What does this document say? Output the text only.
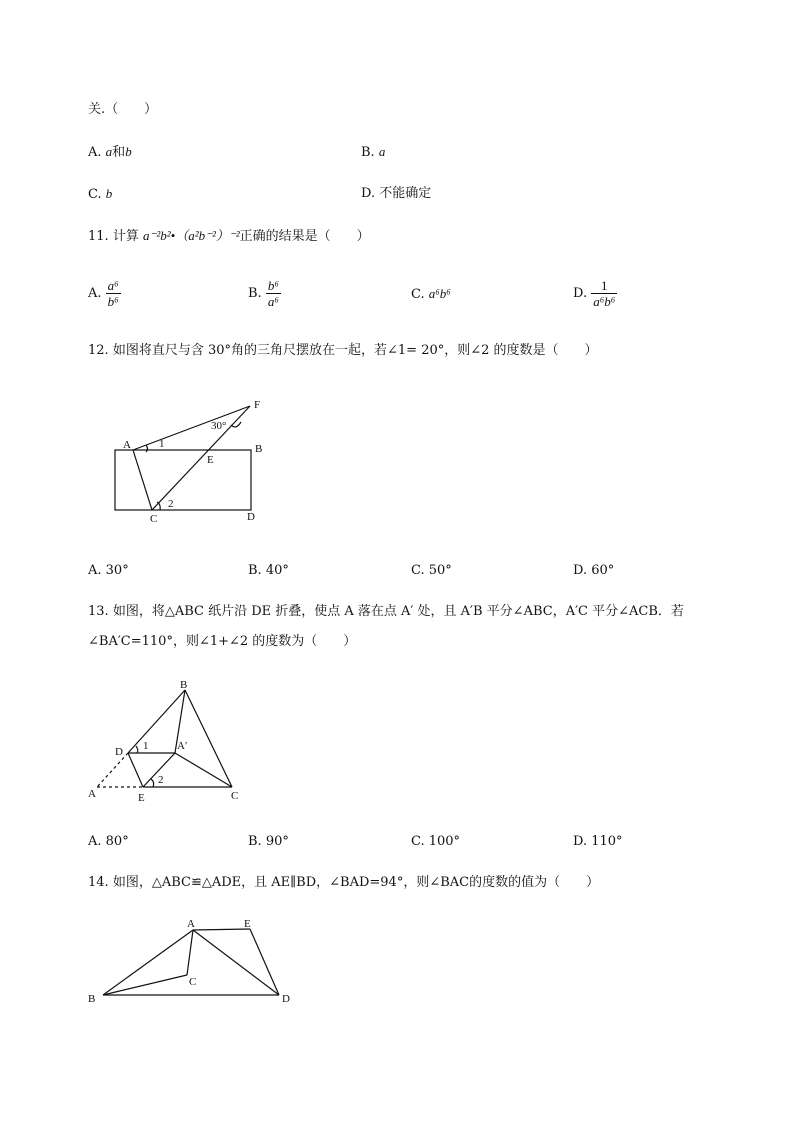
关.（　　）
A. a和b	B. a
C. b	D. 不能确定
11. 计算 a⁻²b²•（a²b⁻²）⁻²正确的结果是（　　）
A. $\frac{\text{a⁶}}{\text{b⁶}}$	B. $\frac{\text{b⁶}}{\text{a⁶}}$	C. a⁶b⁶	D. $\frac{1}{\text{a⁶b⁶}}$
12. 如图将直尺与含 30°角的三角尺摆放在一起，若∠1= 20°，则∠2 的度数是（　　）
F
30°
A	1	B
E
2
C	D
A. 30°	B. 40°	C. 50°	D. 60°
13. 如图，将△ABC 纸片沿 DE 折叠，使点 A 落在点 A′ 处，且 A′B 平分∠ABC，A′C 平分∠ACB．若
∠BA′C=110°，则∠1+∠2 的度数为（　　）
B
D 1	A′
2
A	E	C
A. 80°	B. 90°	C. 100°	D. 110°
14. 如图，△ABC≌△ADE，且 AE∥BD，∠BAD=94°，则∠BAC的度数的值为（　　）
A	E
C
B	D
